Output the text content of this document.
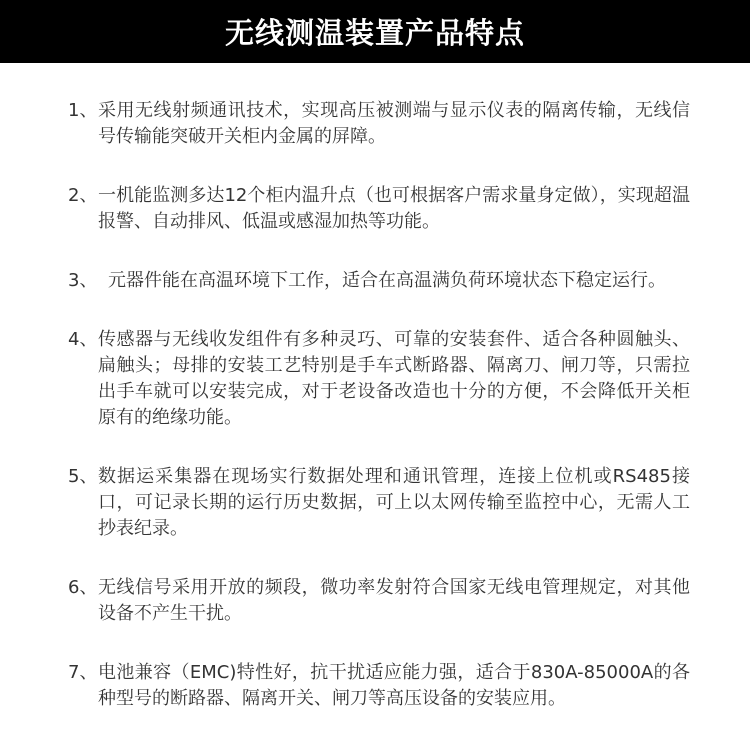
无线测温装置产品特点
1、 采用无线射频通讯技术，实现高压被测端与显示仪表的隔离传输，无线信号传输能突破开关柜内金属的屏障。
2、 一机能监测多达12个柜内温升点（也可根据客户需求量身定做），实现超温报警、自动排风、低温或感湿加热等功能。
3、 元器件能在高温环境下工作，适合在高温满负荷环境状态下稳定运行。
4、 传感器与无线收发组件有多种灵巧、可靠的安装套件、适合各种圆触头、扁触头；母排的安装工艺特别是手车式断路器、隔离刀、闸刀等，只需拉出手车就可以安装完成，对于老设备改造也十分的方便，不会降低开关柜原有的绝缘功能。
5、 数据运采集器在现场实行数据处理和通讯管理，连接上位机或RS485接口，可记录长期的运行历史数据，可上以太网传输至监控中心，无需人工抄表纪录。
6、 无线信号采用开放的频段，微功率发射符合国家无线电管理规定，对其他设备不产生干扰。
7、 电池兼容（EMC)特性好，抗干扰适应能力强，适合于830A-85000A的各种型号的断路器、隔离开关、闸刀等高压设备的安装应用。
